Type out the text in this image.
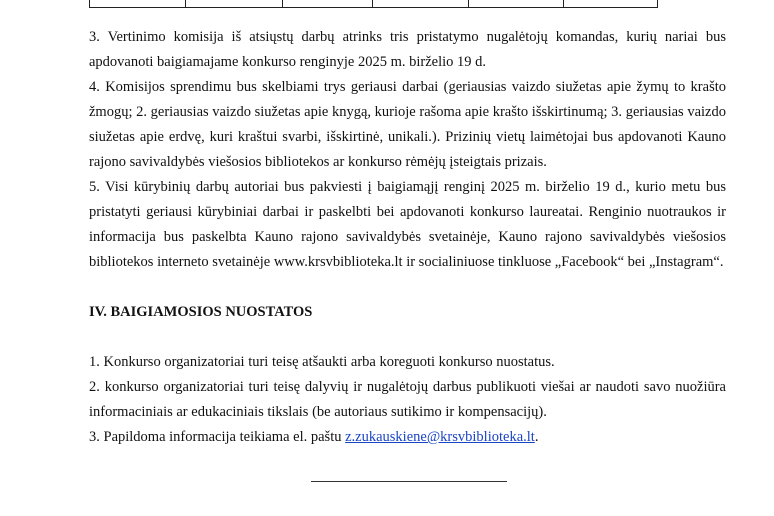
3. Vertinimo komisija iš atsiųstų darbų atrinks tris pristatymo nugalėtojų komandas, kurių nariai bus apdovanoti baigiamajame konkurso renginyje 2025 m. birželio 19 d.

4. Komisijos sprendimu bus skelbiami trys geriausi darbai (geriausias vaizdo siužetas apie žymų to krašto žmogų; 2. geriausias vaizdo siužetas apie knygą, kurioje rašoma apie krašto išskirtinumą; 3. geriausias vaizdo siužetas apie erdvę, kuri kraštui svarbi, išskirtinė, unikali.). Prizinių vietų laimėtojai bus apdovanoti Kauno rajono savivaldybės viešosios bibliotekos ar konkurso rėmėjų įsteigtais prizais.

5. Visi kūrybinių darbų autoriai bus pakviesti į baigiamąjį renginį 2025 m. birželio 19 d., kurio metu bus pristatyti geriausi kūrybiniai darbai ir paskelbti bei apdovanoti konkurso laureatai. Renginio nuotraukos ir informacija bus paskelbta Kauno rajono savivaldybės svetainėje, Kauno rajono savivaldybės viešosios bibliotekos interneto svetainėje www.krsvbiblioteka.lt ir socialiniuose tinkluose „Facebook“ bei „Instagram“.

IV. BAIGIAMOSIOS NUOSTATOS

1. Konkurso organizatoriai turi teisę atšaukti arba koreguoti konkurso nuostatus.

2. konkurso organizatoriai turi teisę dalyvių ir nugalėtojų darbus publikuoti viešai ar naudoti savo nuožiūra informaciniais ar edukaciniais tikslais (be autoriaus sutikimo ir kompensacijų).

3. Papildoma informacija teikiama el. paštu z.zukauskiene@krsvbiblioteka.lt.
